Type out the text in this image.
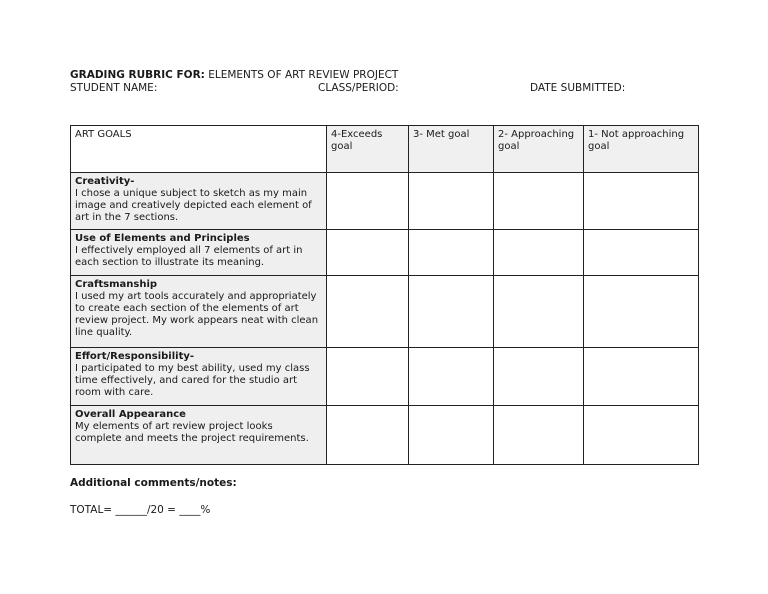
GRADING RUBRIC FOR: ELEMENTS OF ART REVIEW PROJECT
STUDENT NAME:	CLASS/PERIOD:	DATE SUBMITTED:
ART GOALS	4-Exceeds goal	3- Met goal	2- Approaching goal	1- Not approaching goal

Creativity-
I chose a unique subject to sketch as my main image and creatively depicted each element of art in the 7 sections.				

Use of Elements and Principles
I effectively employed all 7 elements of art in each section to illustrate its meaning.				

Craftsmanship
I used my art tools accurately and appropriately to create each section of the elements of art review project. My work appears neat with clean line quality.				

Effort/Responsibility-
I participated to my best ability, used my class time effectively, and cared for the studio art room with care.				

Overall Appearance
My elements of art review project looks complete and meets the project requirements.				

Additional comments/notes:
TOTAL= ______/20 = ____%
